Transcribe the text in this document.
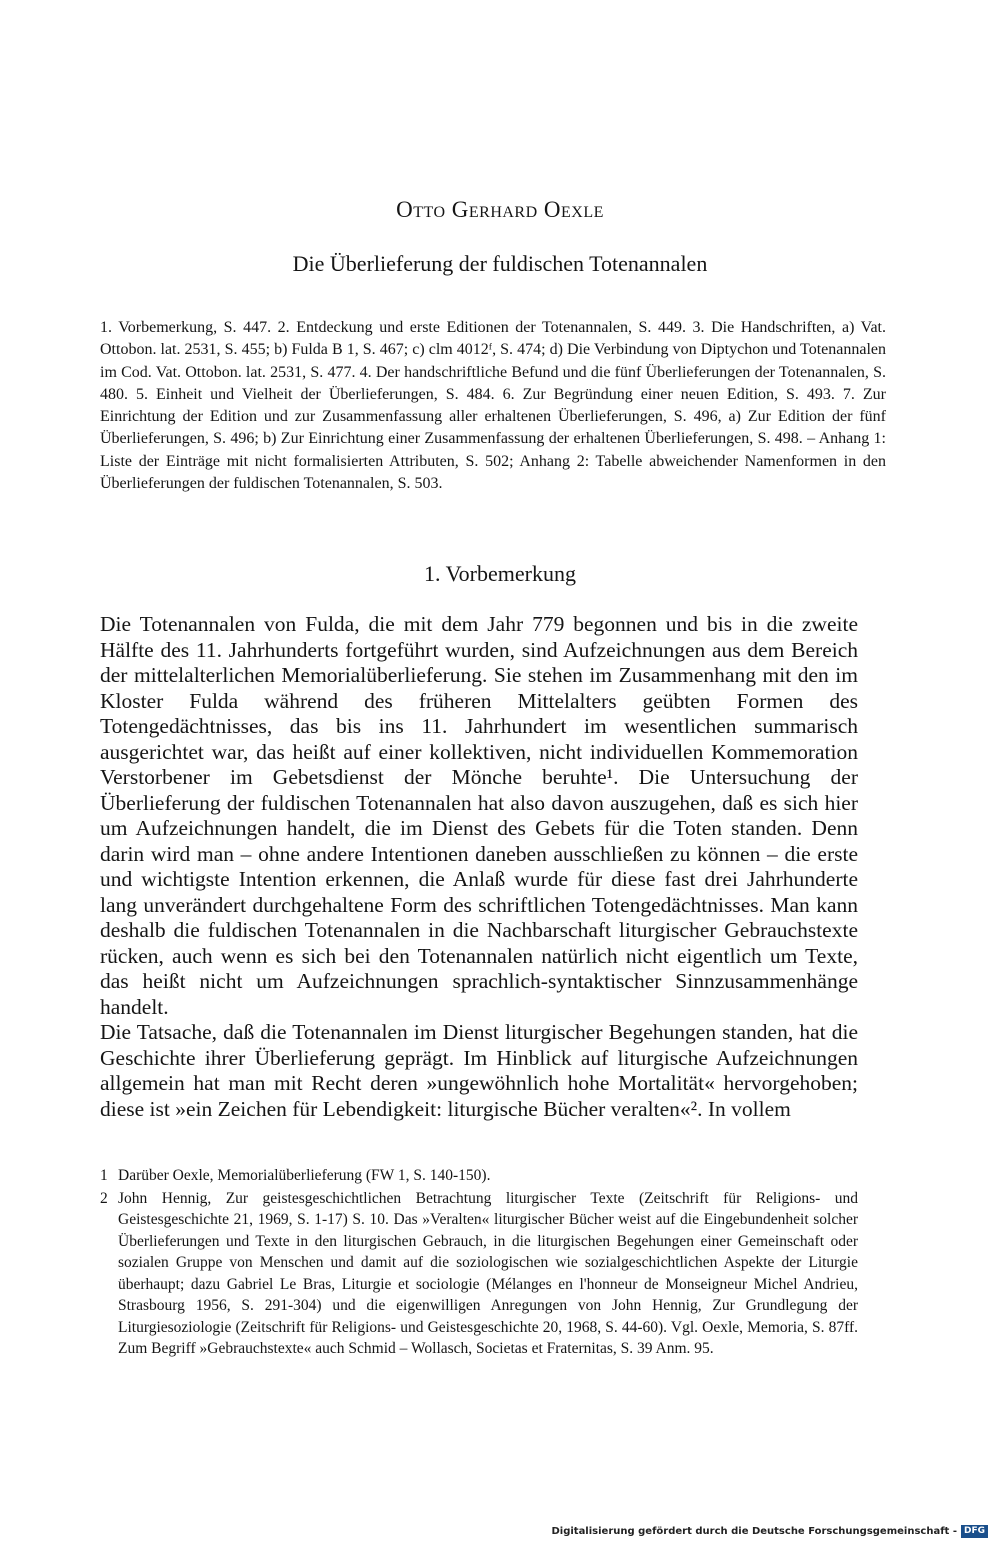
Otto Gerhard Oexle
Die Überlieferung der fuldischen Totenannalen

1. Vorbemerkung, S. 447. 2. Entdeckung und erste Editionen der Totenannalen, S. 449. 3. Die Handschriften, a) Vat. Ottobon. lat. 2531, S. 455; b) Fulda B 1, S. 467; c) clm 4012ᶠ, S. 474; d) Die Verbindung von Diptychon und Totenannalen im Cod. Vat. Ottobon. lat. 2531, S. 477. 4. Der handschriftliche Befund und die fünf Überlieferungen der Totenannalen, S. 480. 5. Einheit und Vielheit der Überlieferungen, S. 484. 6. Zur Begründung einer neuen Edition, S. 493. 7. Zur Einrichtung der Edition und zur Zusammenfassung aller erhaltenen Überlieferungen, S. 496, a) Zur Edition der fünf Überlieferungen, S. 496; b) Zur Einrichtung einer Zusammenfassung der erhaltenen Überlieferungen, S. 498. – Anhang 1: Liste der Einträge mit nicht formalisierten Attributen, S. 502; Anhang 2: Tabelle abweichender Namenformen in den Überlieferungen der fuldischen Totenannalen, S. 503.

1. Vorbemerkung

Die Totenannalen von Fulda, die mit dem Jahr 779 begonnen und bis in die zweite Hälfte des 11. Jahrhunderts fortgeführt wurden, sind Aufzeichnungen aus dem Bereich der mittelalterlichen Memorialüberlieferung. Sie stehen im Zusammenhang mit den im Kloster Fulda während des früheren Mittelalters geübten Formen des Totengedächtnisses, das bis ins 11. Jahrhundert im wesentlichen summarisch ausgerichtet war, das heißt auf einer kollektiven, nicht individuellen Kommemoration Verstorbener im Gebetsdienst der Mönche beruhte¹. Die Untersuchung der Überlieferung der fuldischen Totenannalen hat also davon auszugehen, daß es sich hier um Aufzeichnungen handelt, die im Dienst des Gebets für die Toten standen. Denn darin wird man – ohne andere Intentionen daneben ausschließen zu können – die erste und wichtigste Intention erkennen, die Anlaß wurde für diese fast drei Jahrhunderte lang unverändert durchgehaltene Form des schriftlichen Totengedächtnisses. Man kann deshalb die fuldischen Totenannalen in die Nachbarschaft liturgischer Gebrauchstexte rücken, auch wenn es sich bei den Totenannalen natürlich nicht eigentlich um Texte, das heißt nicht um Aufzeichnungen sprachlich-syntaktischer Sinnzusammenhänge handelt.

Die Tatsache, daß die Totenannalen im Dienst liturgischer Begehungen standen, hat die Geschichte ihrer Überlieferung geprägt. Im Hinblick auf liturgische Aufzeichnungen allgemein hat man mit Recht deren »ungewöhnlich hohe Mortalität« hervorgehoben; diese ist »ein Zeichen für Lebendigkeit: liturgische Bücher veralten«². In vollem

1 Darüber Oexle, Memorialüberlieferung (FW 1, S. 140-150).
2 John Hennig, Zur geistesgeschichtlichen Betrachtung liturgischer Texte (Zeitschrift für Religions- und Geistesgeschichte 21, 1969, S. 1-17) S. 10. Das »Veralten« liturgischer Bücher weist auf die Eingebundenheit solcher Überlieferungen und Texte in den liturgischen Gebrauch, in die liturgischen Begehungen einer Gemeinschaft oder sozialen Gruppe von Menschen und damit auf die soziologischen wie sozialgeschichtlichen Aspekte der Liturgie überhaupt; dazu Gabriel Le Bras, Liturgie et sociologie (Mélanges en l'honneur de Monseigneur Michel Andrieu, Strasbourg 1956, S. 291-304) und die eigenwilligen Anregungen von John Hennig, Zur Grundlegung der Liturgiesoziologie (Zeitschrift für Religions- und Geistesgeschichte 20, 1968, S. 44-60). Vgl. Oexle, Memoria, S. 87ff. Zum Begriff »Gebrauchstexte« auch Schmid – Wollasch, Societas et Fraternitas, S. 39 Anm. 95.
Digitalisierung gefördert durch die Deutsche Forschungsgemeinschaft - DFG
